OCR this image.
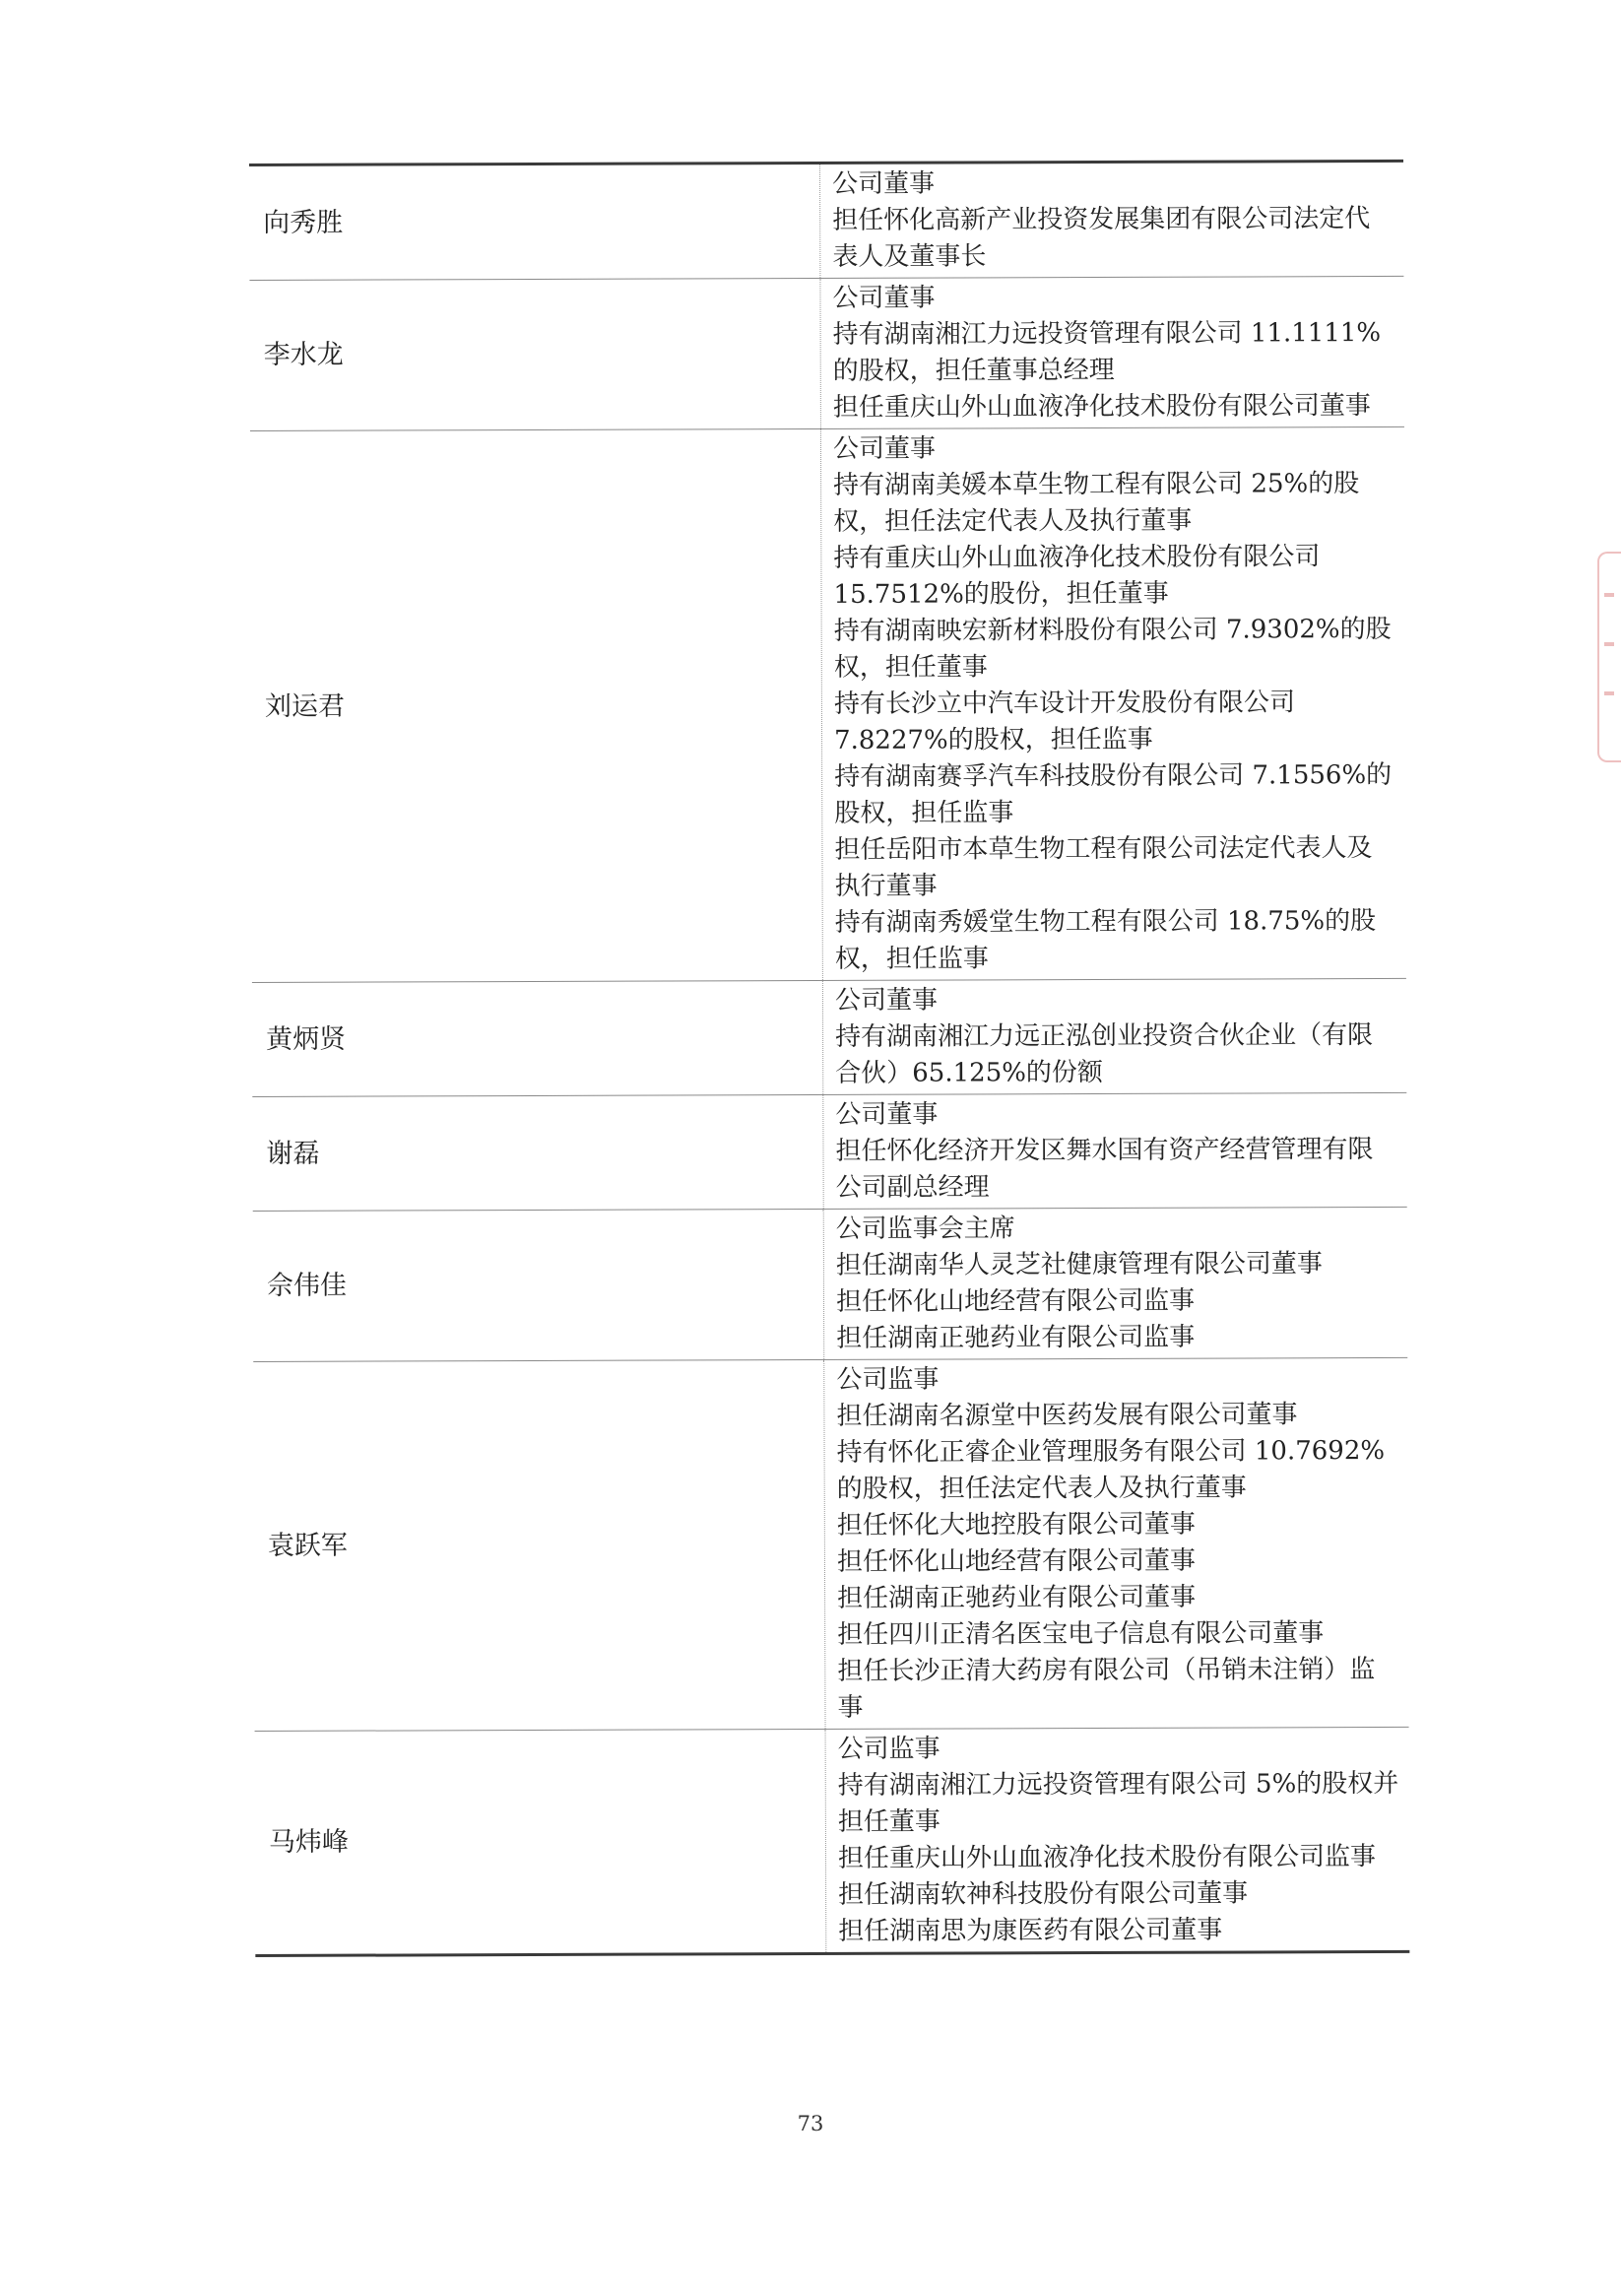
向秀胜
公司董事
担任怀化高新产业投资发展集团有限公司法定代表人及董事长
李水龙
公司董事
持有湖南湘江力远投资管理有限公司 11.1111%的股权，担任董事总经理
担任重庆山外山血液净化技术股份有限公司董事
刘运君
公司董事
持有湖南美媛本草生物工程有限公司 25%的股权，担任法定代表人及执行董事
持有重庆山外山血液净化技术股份有限公司 15.7512%的股份，担任董事
持有湖南映宏新材料股份有限公司 7.9302%的股权，担任董事
持有长沙立中汽车设计开发股份有限公司 7.8227%的股权，担任监事
持有湖南赛孚汽车科技股份有限公司 7.1556%的股权，担任监事
担任岳阳市本草生物工程有限公司法定代表人及执行董事
持有湖南秀媛堂生物工程有限公司 18.75%的股权，担任监事
黄炳贤
公司董事
持有湖南湘江力远正泓创业投资合伙企业（有限合伙）65.125%的份额
谢磊
公司董事
担任怀化经济开发区舞水国有资产经营管理有限公司副总经理
佘伟佳
公司监事会主席
担任湖南华人灵芝社健康管理有限公司董事
担任怀化山地经营有限公司监事
担任湖南正驰药业有限公司监事
袁跃军
公司监事
担任湖南名源堂中医药发展有限公司董事
持有怀化正睿企业管理服务有限公司 10.7692%的股权，担任法定代表人及执行董事
担任怀化大地控股有限公司董事
担任怀化山地经营有限公司董事
担任湖南正驰药业有限公司董事
担任四川正清名医宝电子信息有限公司董事
担任长沙正清大药房有限公司（吊销未注销）监事
马炜峰
公司监事
持有湖南湘江力远投资管理有限公司 5%的股权并担任董事
担任重庆山外山血液净化技术股份有限公司监事
担任湖南软神科技股份有限公司董事
担任湖南思为康医药有限公司董事
73
